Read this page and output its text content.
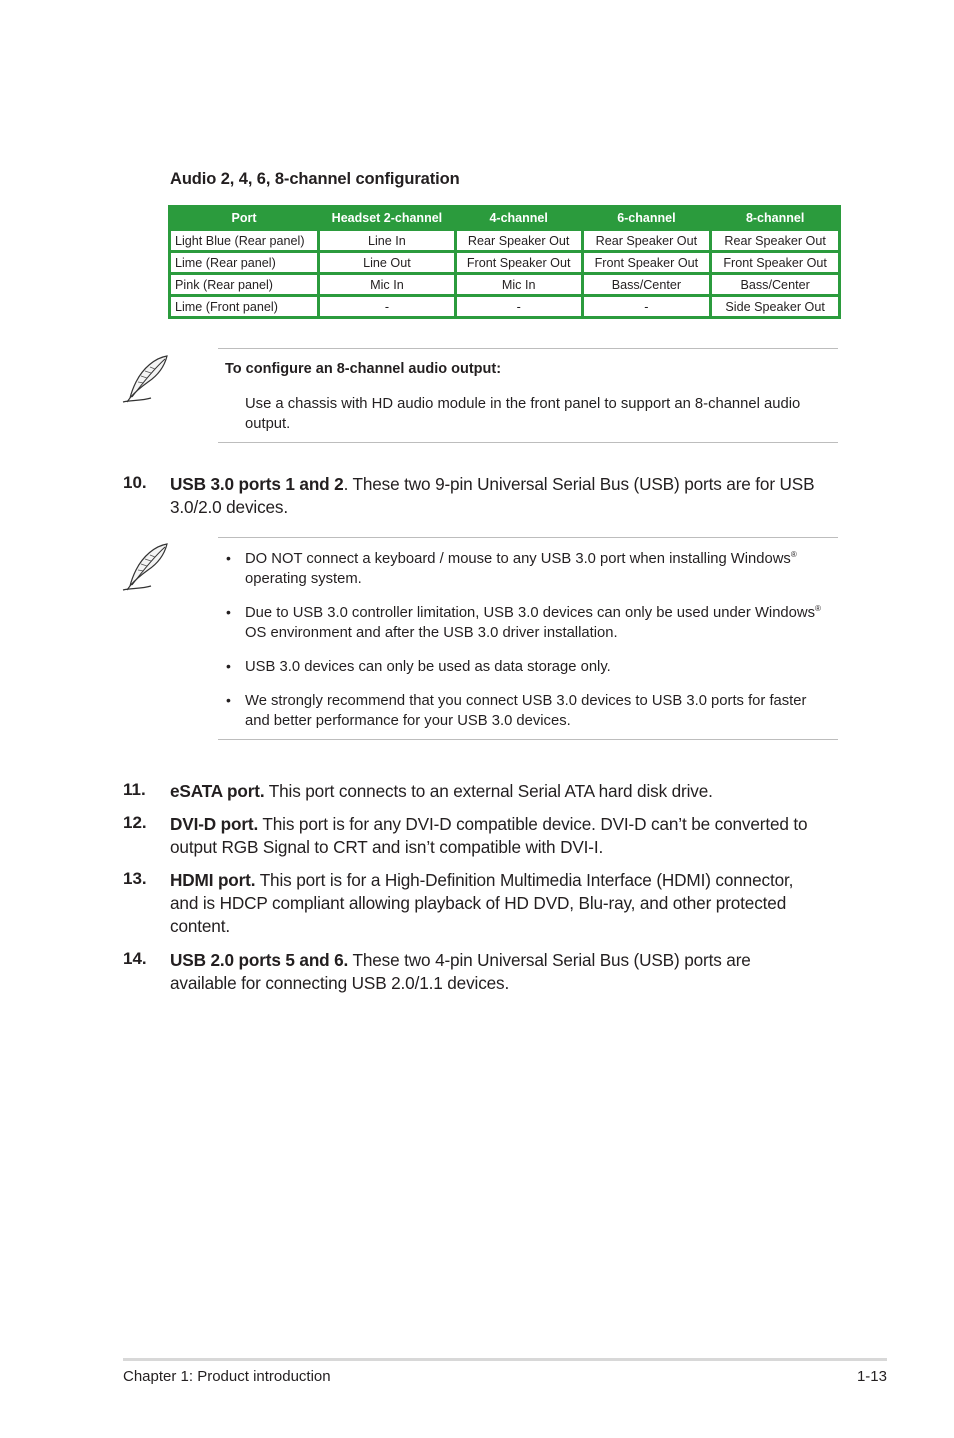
Audio 2, 4, 6, 8-channel configuration
Port	Headset 2-channel	4-channel	6-channel	8-channel
Light Blue (Rear panel)	Line In	Rear Speaker Out	Rear Speaker Out	Rear Speaker Out
Lime (Rear panel)	Line Out	Front Speaker Out	Front Speaker Out	Front Speaker Out
Pink (Rear panel)	Mic In	Mic In	Bass/Center	Bass/Center
Lime (Front panel)	-	-	-	Side Speaker Out
To configure an 8-channel audio output:
Use a chassis with HD audio module in the front panel to support an 8-channel audio
output.
10. USB 3.0 ports 1 and 2. These two 9-pin Universal Serial Bus (USB) ports are for USB
3.0/2.0 devices.
• DO NOT connect a keyboard / mouse to any USB 3.0 port when installing Windows®
operating system.
• Due to USB 3.0 controller limitation, USB 3.0 devices can only be used under Windows®
OS environment and after the USB 3.0 driver installation.
• USB 3.0 devices can only be used as data storage only.
• We strongly recommend that you connect USB 3.0 devices to USB 3.0 ports for faster
and better performance for your USB 3.0 devices.
11. eSATA port. This port connects to an external Serial ATA hard disk drive.
12. DVI-D port. This port is for any DVI-D compatible device. DVI-D can’t be converted to
output RGB Signal to CRT and isn’t compatible with DVI-I.
13. HDMI port. This port is for a High-Definition Multimedia Interface (HDMI) connector,
and is HDCP compliant allowing playback of HD DVD, Blu-ray, and other protected
content.
14. USB 2.0 ports 5 and 6. These two 4-pin Universal Serial Bus (USB) ports are
available for connecting USB 2.0/1.1 devices.
Chapter 1: Product introduction	1-13
